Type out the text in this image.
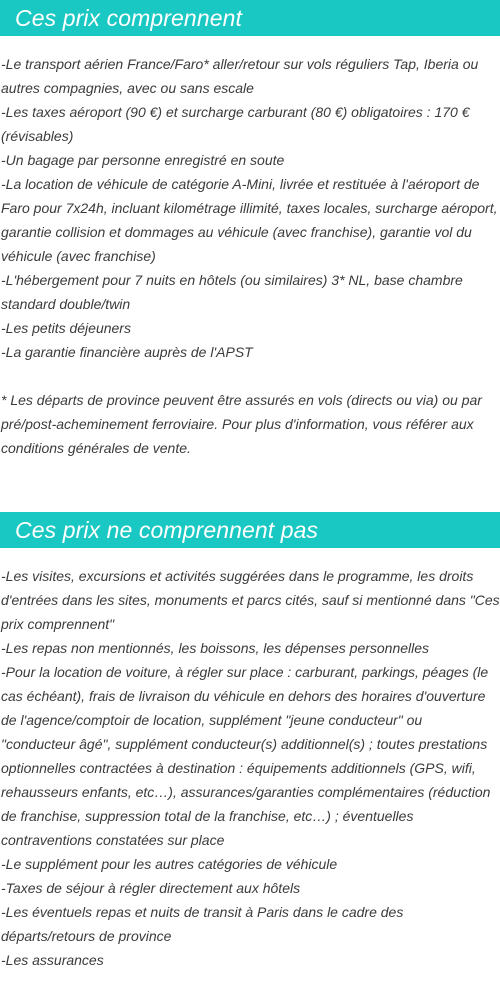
Ces prix comprennent
-Le transport aérien France/Faro* aller/retour sur vols réguliers Tap, Iberia ou autres compagnies, avec ou sans escale
-Les taxes aéroport (90 €) et surcharge carburant (80 €) obligatoires : 170 € (révisables)
-Un bagage par personne enregistré en soute
-La location de véhicule de catégorie A-Mini, livrée et restituée à l'aéroport de Faro pour 7x24h, incluant kilométrage illimité, taxes locales, surcharge aéroport, garantie collision et dommages au véhicule (avec franchise), garantie vol du véhicule (avec franchise)
-L'hébergement pour 7 nuits en hôtels (ou similaires) 3* NL, base chambre standard double/twin
-Les petits déjeuners
-La garantie financière auprès de l'APST
* Les départs de province peuvent être assurés en vols (directs ou via) ou par pré/post-acheminement ferroviaire. Pour plus d'information, vous référer aux conditions générales de vente.
Ces prix ne comprennent pas
-Les visites, excursions et activités suggérées dans le programme, les droits d'entrées dans les sites, monuments et parcs cités, sauf si mentionné dans "Ces prix comprennent"
-Les repas non mentionnés, les boissons, les dépenses personnelles
-Pour la location de voiture, à régler sur place : carburant, parkings, péages (le cas échéant), frais de livraison du véhicule en dehors des horaires d'ouverture de l'agence/comptoir de location, supplément "jeune conducteur" ou "conducteur âgé", supplément conducteur(s) additionnel(s) ; toutes prestations optionnelles contractées à destination : équipements additionnels (GPS, wifi, rehausseurs enfants, etc…), assurances/garanties complémentaires (réduction de franchise, suppression total de la franchise, etc…) ; éventuelles contraventions constatées sur place
-Le supplément pour les autres catégories de véhicule
-Taxes de séjour à régler directement aux hôtels
-Les éventuels repas et nuits de transit à Paris dans le cadre des départs/retours de province
-Les assurances
